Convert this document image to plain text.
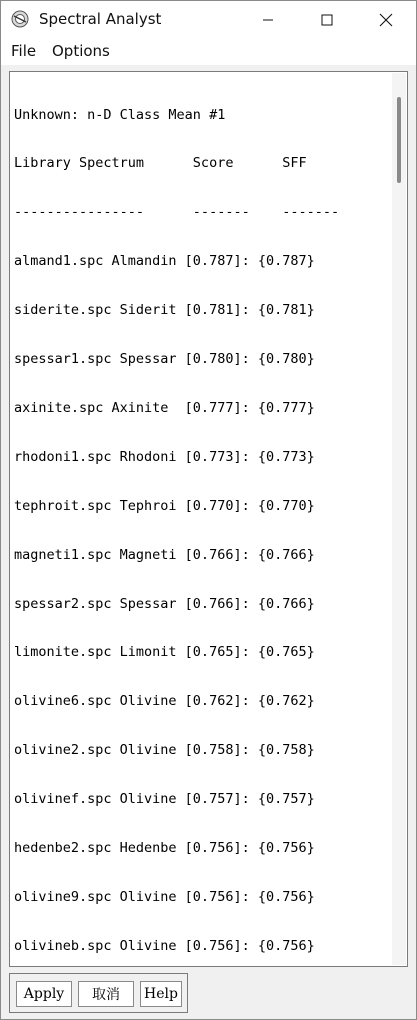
Spectral Analyst
File Options

Unknown: n-D Class Mean #1

Library Spectrum      Score      SFF

----------------      -------    -------

almand1.spc Almandin [0.787]: {0.787}

siderite.spc Siderit [0.781]: {0.781}

spessar1.spc Spessar [0.780]: {0.780}

axinite.spc Axinite  [0.777]: {0.777}

rhodoni1.spc Rhodoni [0.773]: {0.773}

tephroit.spc Tephroi [0.770]: {0.770}

magneti1.spc Magneti [0.766]: {0.766}

spessar2.spc Spessar [0.766]: {0.766}

limonite.spc Limonit [0.765]: {0.765}

olivine6.spc Olivine [0.762]: {0.762}

olivine2.spc Olivine [0.758]: {0.758}

olivinef.spc Olivine [0.757]: {0.757}

hedenbe2.spc Hedenbe [0.756]: {0.756}

olivine9.spc Olivine [0.756]: {0.756}

olivineb.spc Olivine [0.756]: {0.756}

Apply	取消	Help
